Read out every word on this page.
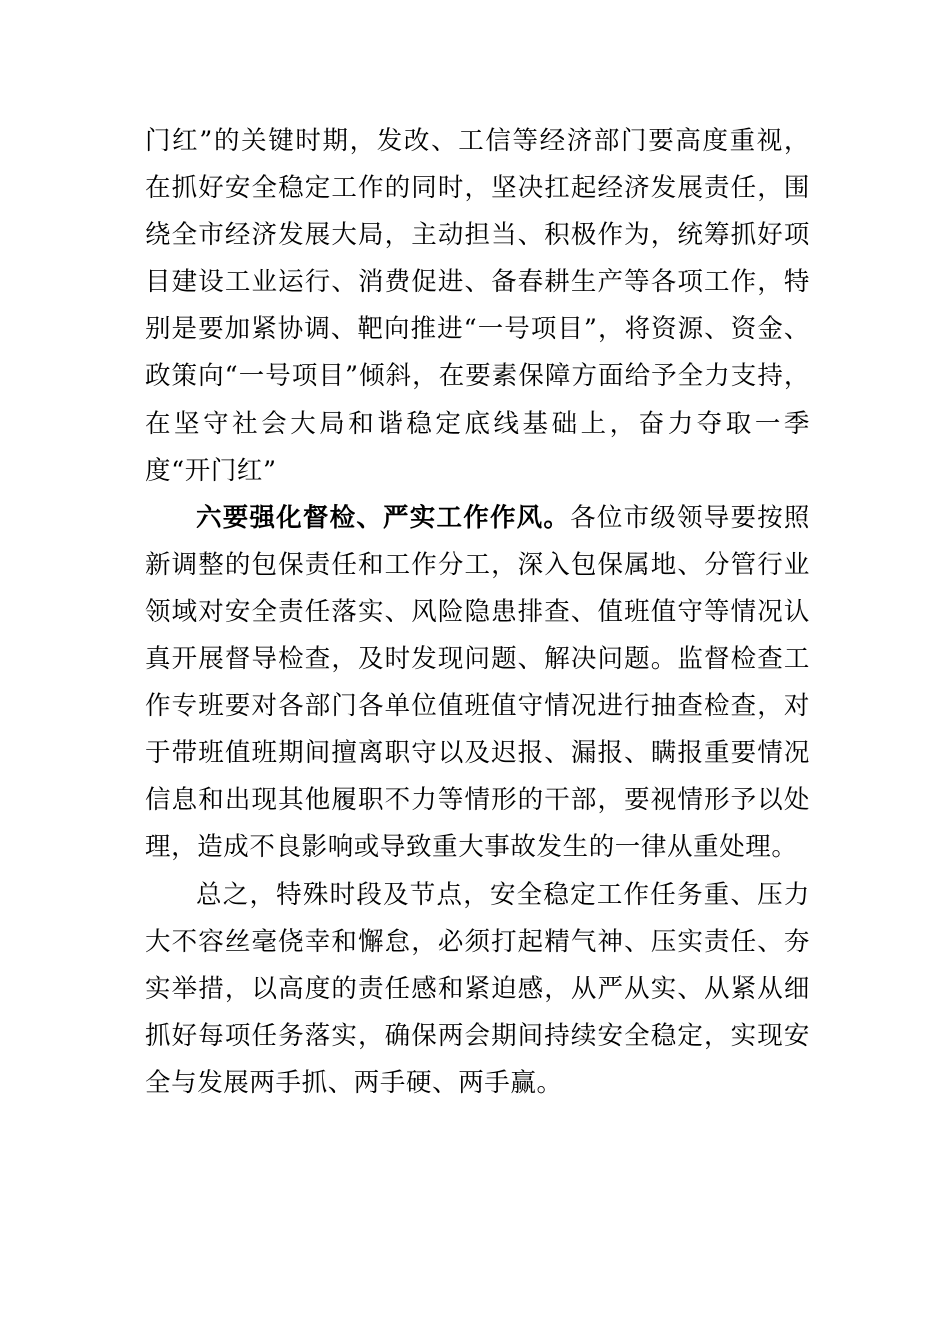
门红”的关键时期，发改、工信等经济部门要高度重视，在抓好安全稳定工作的同时，坚决扛起经济发展责任，围绕全市经济发展大局，主动担当、积极作为，统筹抓好项目建设工业运行、消费促进、备春耕生产等各项工作，特别是要加紧协调、靶向推进“一号项目”，将资源、资金、政策向“一号项目”倾斜，在要素保障方面给予全力支持，在坚守社会大局和谐稳定底线基础上，奋力夺取一季度“开门红”

六要强化督检、严实工作作风。各位市级领导要按照新调整的包保责任和工作分工，深入包保属地、分管行业领域对安全责任落实、风险隐患排查、值班值守等情况认真开展督导检查，及时发现问题、解决问题。监督检查工作专班要对各部门各单位值班值守情况进行抽查检查，对于带班值班期间擅离职守以及迟报、漏报、瞒报重要情况信息和出现其他履职不力等情形的干部，要视情形予以处理，造成不良影响或导致重大事故发生的一律从重处理。

总之，特殊时段及节点，安全稳定工作任务重、压力大不容丝毫侥幸和懈怠，必须打起精气神、压实责任、夯实举措，以高度的责任感和紧迫感，从严从实、从紧从细抓好每项任务落实，确保两会期间持续安全稳定，实现安全与发展两手抓、两手硬、两手赢。
